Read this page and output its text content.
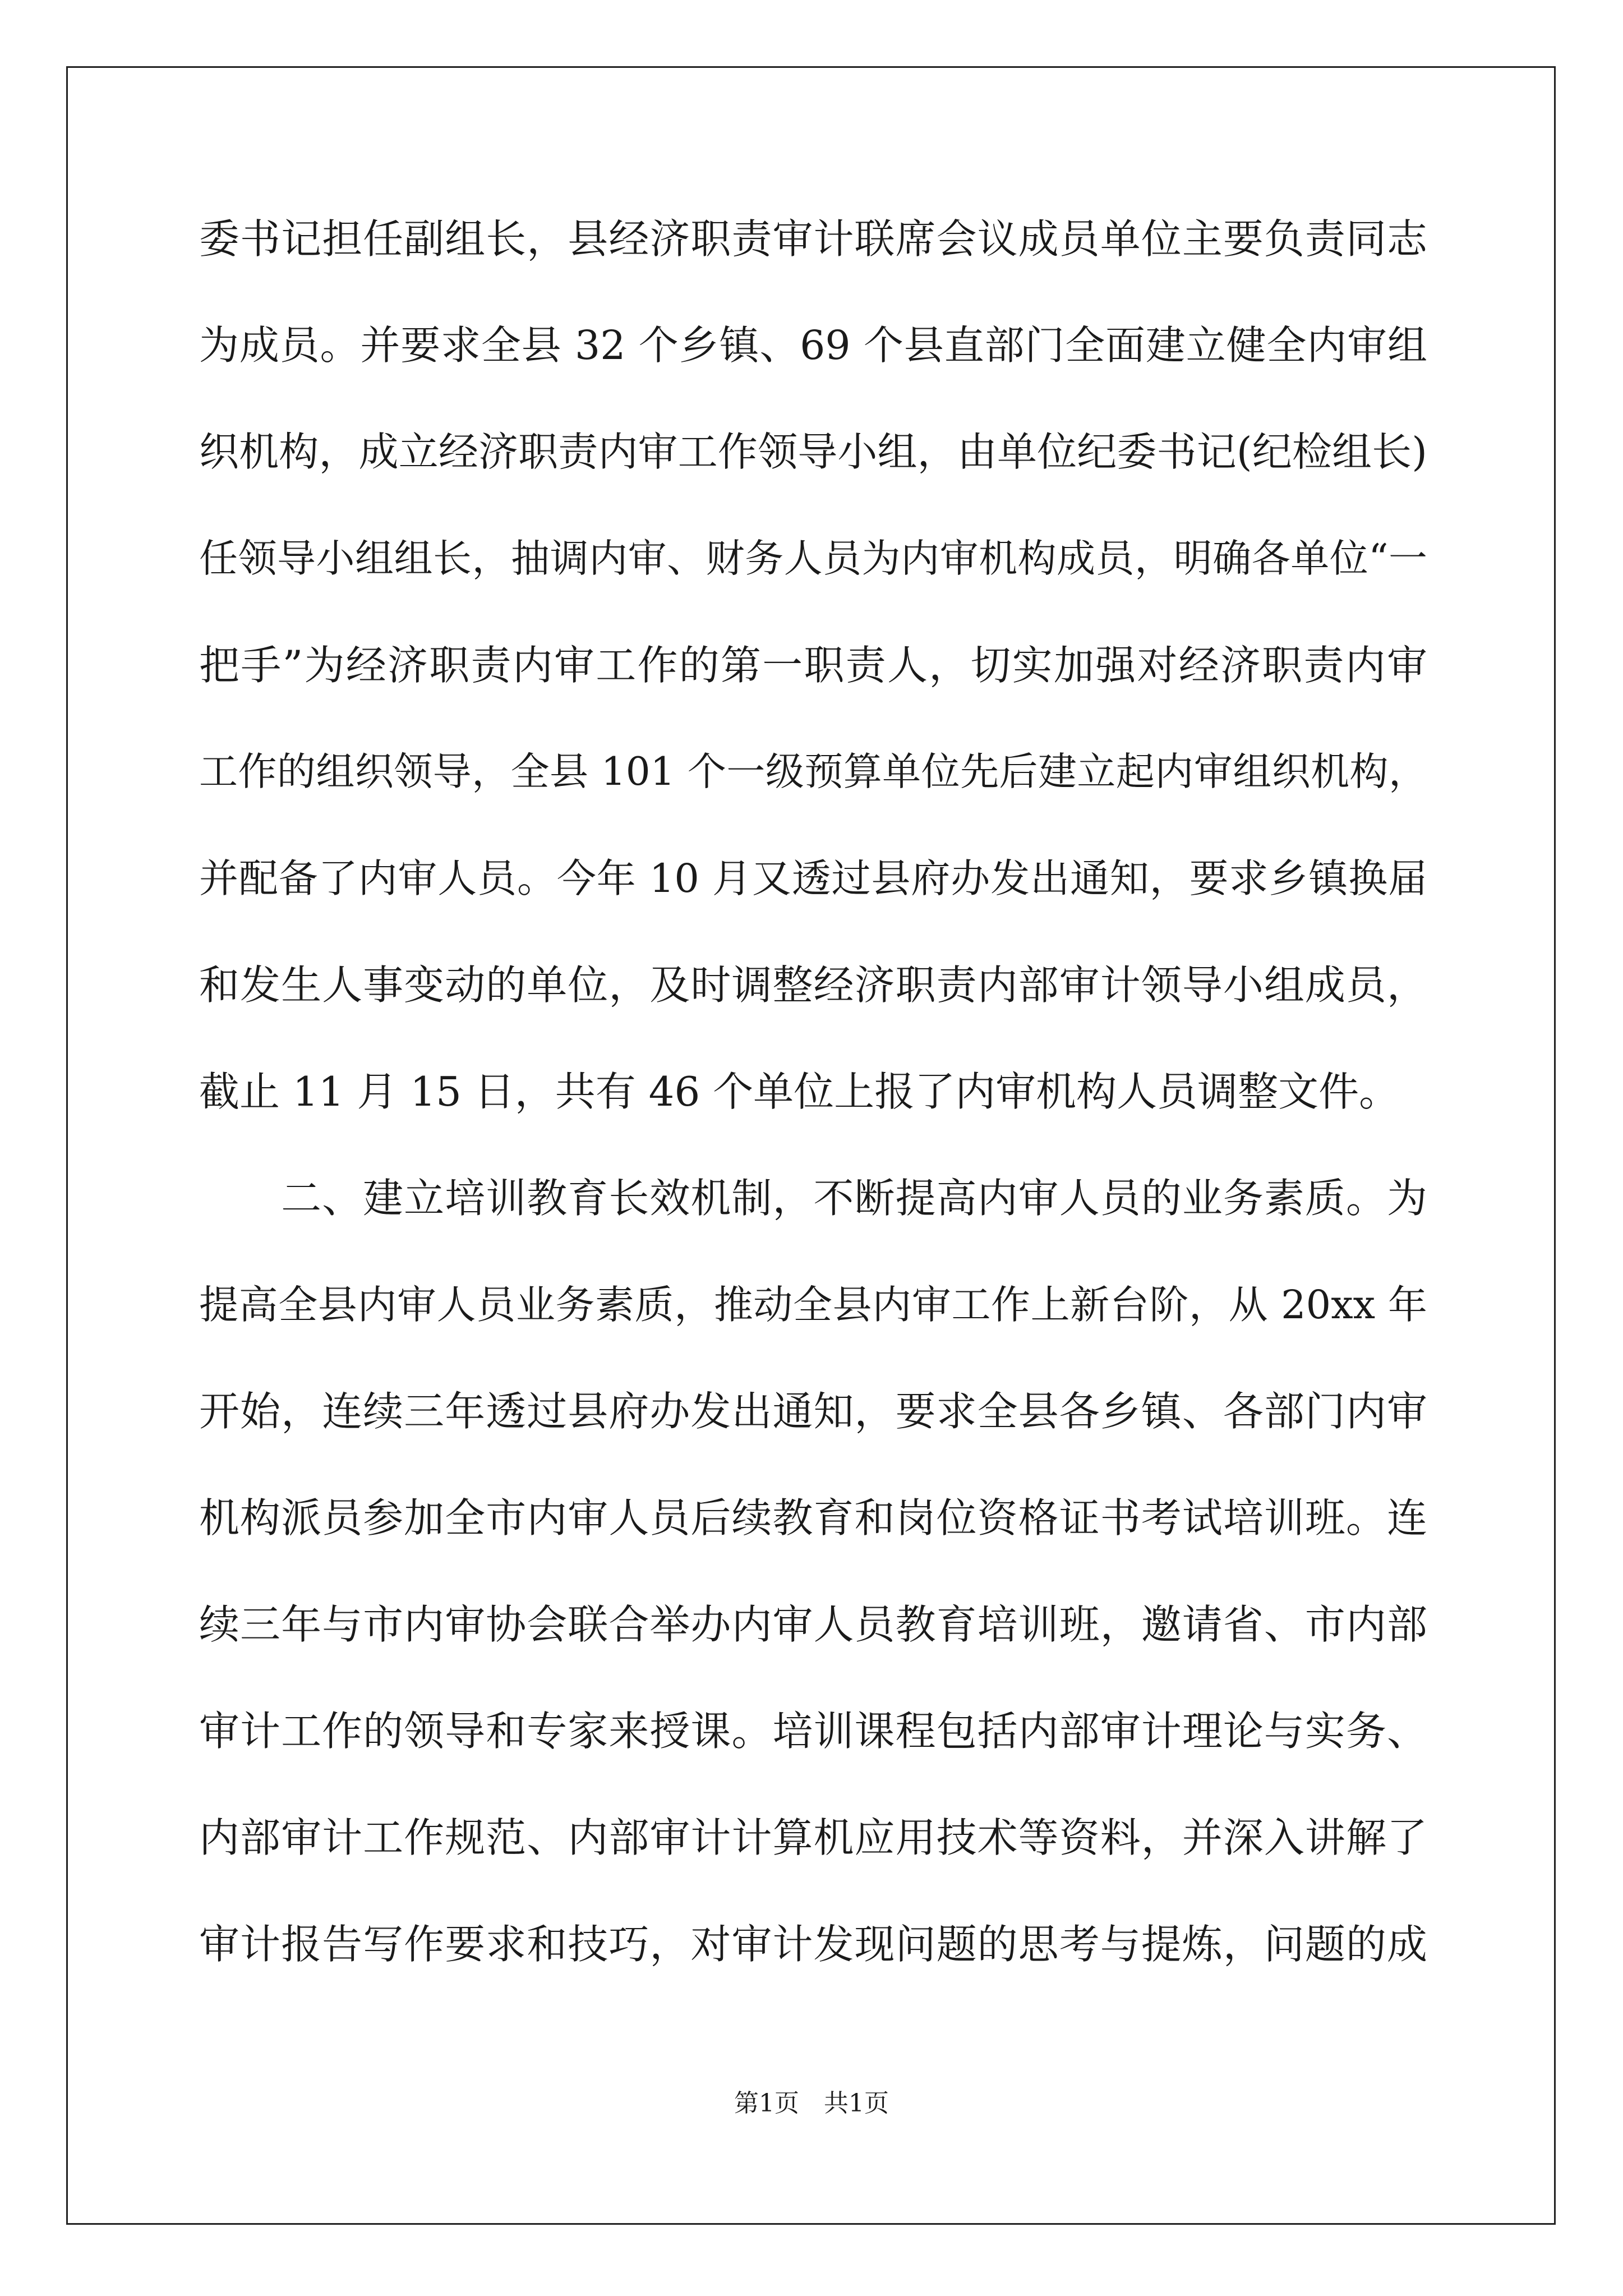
委书记担任副组长，县经济职责审计联席会议成员单位主要负责同志
为成员。并要求全县 32 个乡镇、69 个县直部门全面建立健全内审组
织机构，成立经济职责内审工作领导小组，由单位纪委书记(纪检组长)
任领导小组组长，抽调内审、财务人员为内审机构成员，明确各单位“一
把手”为经济职责内审工作的第一职责人，切实加强对经济职责内审
工作的组织领导，全县 101 个一级预算单位先后建立起内审组织机构，
并配备了内审人员。今年 10 月又透过县府办发出通知，要求乡镇换届
和发生人事变动的单位，及时调整经济职责内部审计领导小组成员，
截止 11 月 15 日，共有 46 个单位上报了内审机构人员调整文件。
　　二、建立培训教育长效机制，不断提高内审人员的业务素质。为
提高全县内审人员业务素质，推动全县内审工作上新台阶，从 20xx 年
开始，连续三年透过县府办发出通知，要求全县各乡镇、各部门内审
机构派员参加全市内审人员后续教育和岗位资格证书考试培训班。连
续三年与市内审协会联合举办内审人员教育培训班，邀请省、市内部
审计工作的领导和专家来授课。培训课程包括内部审计理论与实务、
内部审计工作规范、内部审计计算机应用技术等资料，并深入讲解了
审计报告写作要求和技巧，对审计发现问题的思考与提炼，问题的成
第1页　共1页
